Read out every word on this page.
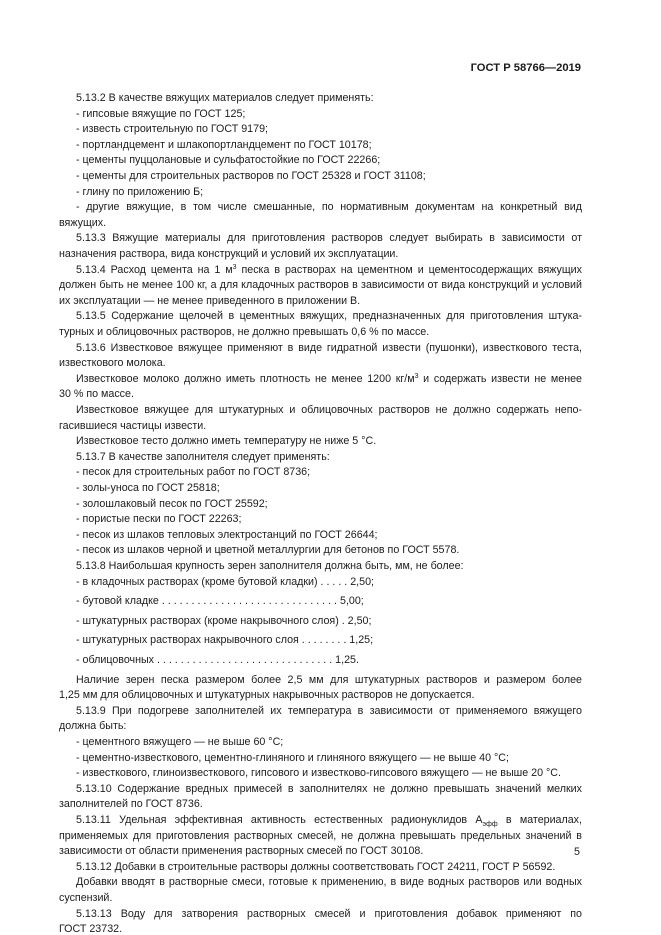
ГОСТ Р 58766—2019
5.13.2 В качестве вяжущих материалов следует применять:
- гипсовые вяжущие по ГОСТ 125;
- известь строительную по ГОСТ 9179;
- портландцемент и шлакопортландцемент по ГОСТ 10178;
- цементы пуццолановые и сульфатостойкие по ГОСТ 22266;
- цементы для строительных растворов по ГОСТ 25328 и ГОСТ 31108;
- глину по приложению Б;
- другие вяжущие, в том числе смешанные, по нормативным документам на конкретный вид
вяжущих.
5.13.3 Вяжущие материалы для приготовления растворов следует выбирать в зависимости от
назначения раствора, вида конструкций и условий их эксплуатации.
5.13.4 Расход цемента на 1 $м^3$ песка в растворах на цементном и цементосодержащих вяжущих
должен быть не менее 100 кг, а для кладочных растворов в зависимости от вида конструкций и условий
их эксплуатации — не менее приведенного в приложении В.
5.13.5 Содержание щелочей в цементных вяжущих, предназначенных для приготовления штука-
турных и облицовочных растворов, не должно превышать 0,6 % по массе.
5.13.6 Известковое вяжущее применяют в виде гидратной извести (пушонки), известкового теста,
известкового молока.
Известковое молоко должно иметь плотность не менее 1200 $кг/м^3$ и содержать извести не менее
30 % по массе.
Известковое вяжущее для штукатурных и облицовочных растворов не должно содержать непо-
гасившиеся частицы извести.
Известковое тесто должно иметь температуру не ниже 5 °С.
5.13.7 В качестве заполнителя следует применять:
- песок для строительных работ по ГОСТ 8736;
- золы-уноса по ГОСТ 25818;
- золошлаковый песок по ГОСТ 25592;
- пористые пески по ГОСТ 22263;
- песок из шлаков тепловых электростанций по ГОСТ 26644;
- песок из шлаков черной и цветной металлургии для бетонов по ГОСТ 5578.
5.13.8 Наибольшая крупность зерен заполнителя должна быть, мм, не более:
- в кладочных растворах (кроме бутовой кладки) . . . . . 2,50;
- бутовой кладке . . . . . . . . . . . . . . . . . . . . . . . . . . . . . . 5,00;
- штукатурных растворах (кроме накрывочного слоя) . 2,50;
- штукатурных растворах накрывочного слоя . . . . . . . . 1,25;
- облицовочных . . . . . . . . . . . . . . . . . . . . . . . . . . . . . . 1,25.
Наличие зерен песка размером более 2,5 мм для штукатурных растворов и размером более
1,25 мм для облицовочных и штукатурных накрывочных растворов не допускается.
5.13.9 При подогреве заполнителей их температура в зависимости от применяемого вяжущего
должна быть:
- цементного вяжущего — не выше 60 °С;
- цементно-известкового, цементно-глиняного и глиняного вяжущего — не выше 40 °С;
- известкового, глиноизвесткового, гипсового и известково-гипсового вяжущего — не выше 20 °С.
5.13.10 Содержание вредных примесей в заполнителях не должно превышать значений мелких
заполнителей по ГОСТ 8736.
5.13.11 Удельная эффективная активность естественных радионуклидов $А_{эфф}$ в материалах,
применяемых для приготовления растворных смесей, не должна превышать предельных значений в
зависимости от области применения растворных смесей по ГОСТ 30108.
5.13.12 Добавки в строительные растворы должны соответствовать ГОСТ 24211, ГОСТ Р 56592.
Добавки вводят в растворные смеси, готовые к применению, в виде водных растворов или водных
суспензий.
5.13.13 Воду для затворения растворных смесей и приготовления добавок применяют по
ГОСТ 23732.
5
